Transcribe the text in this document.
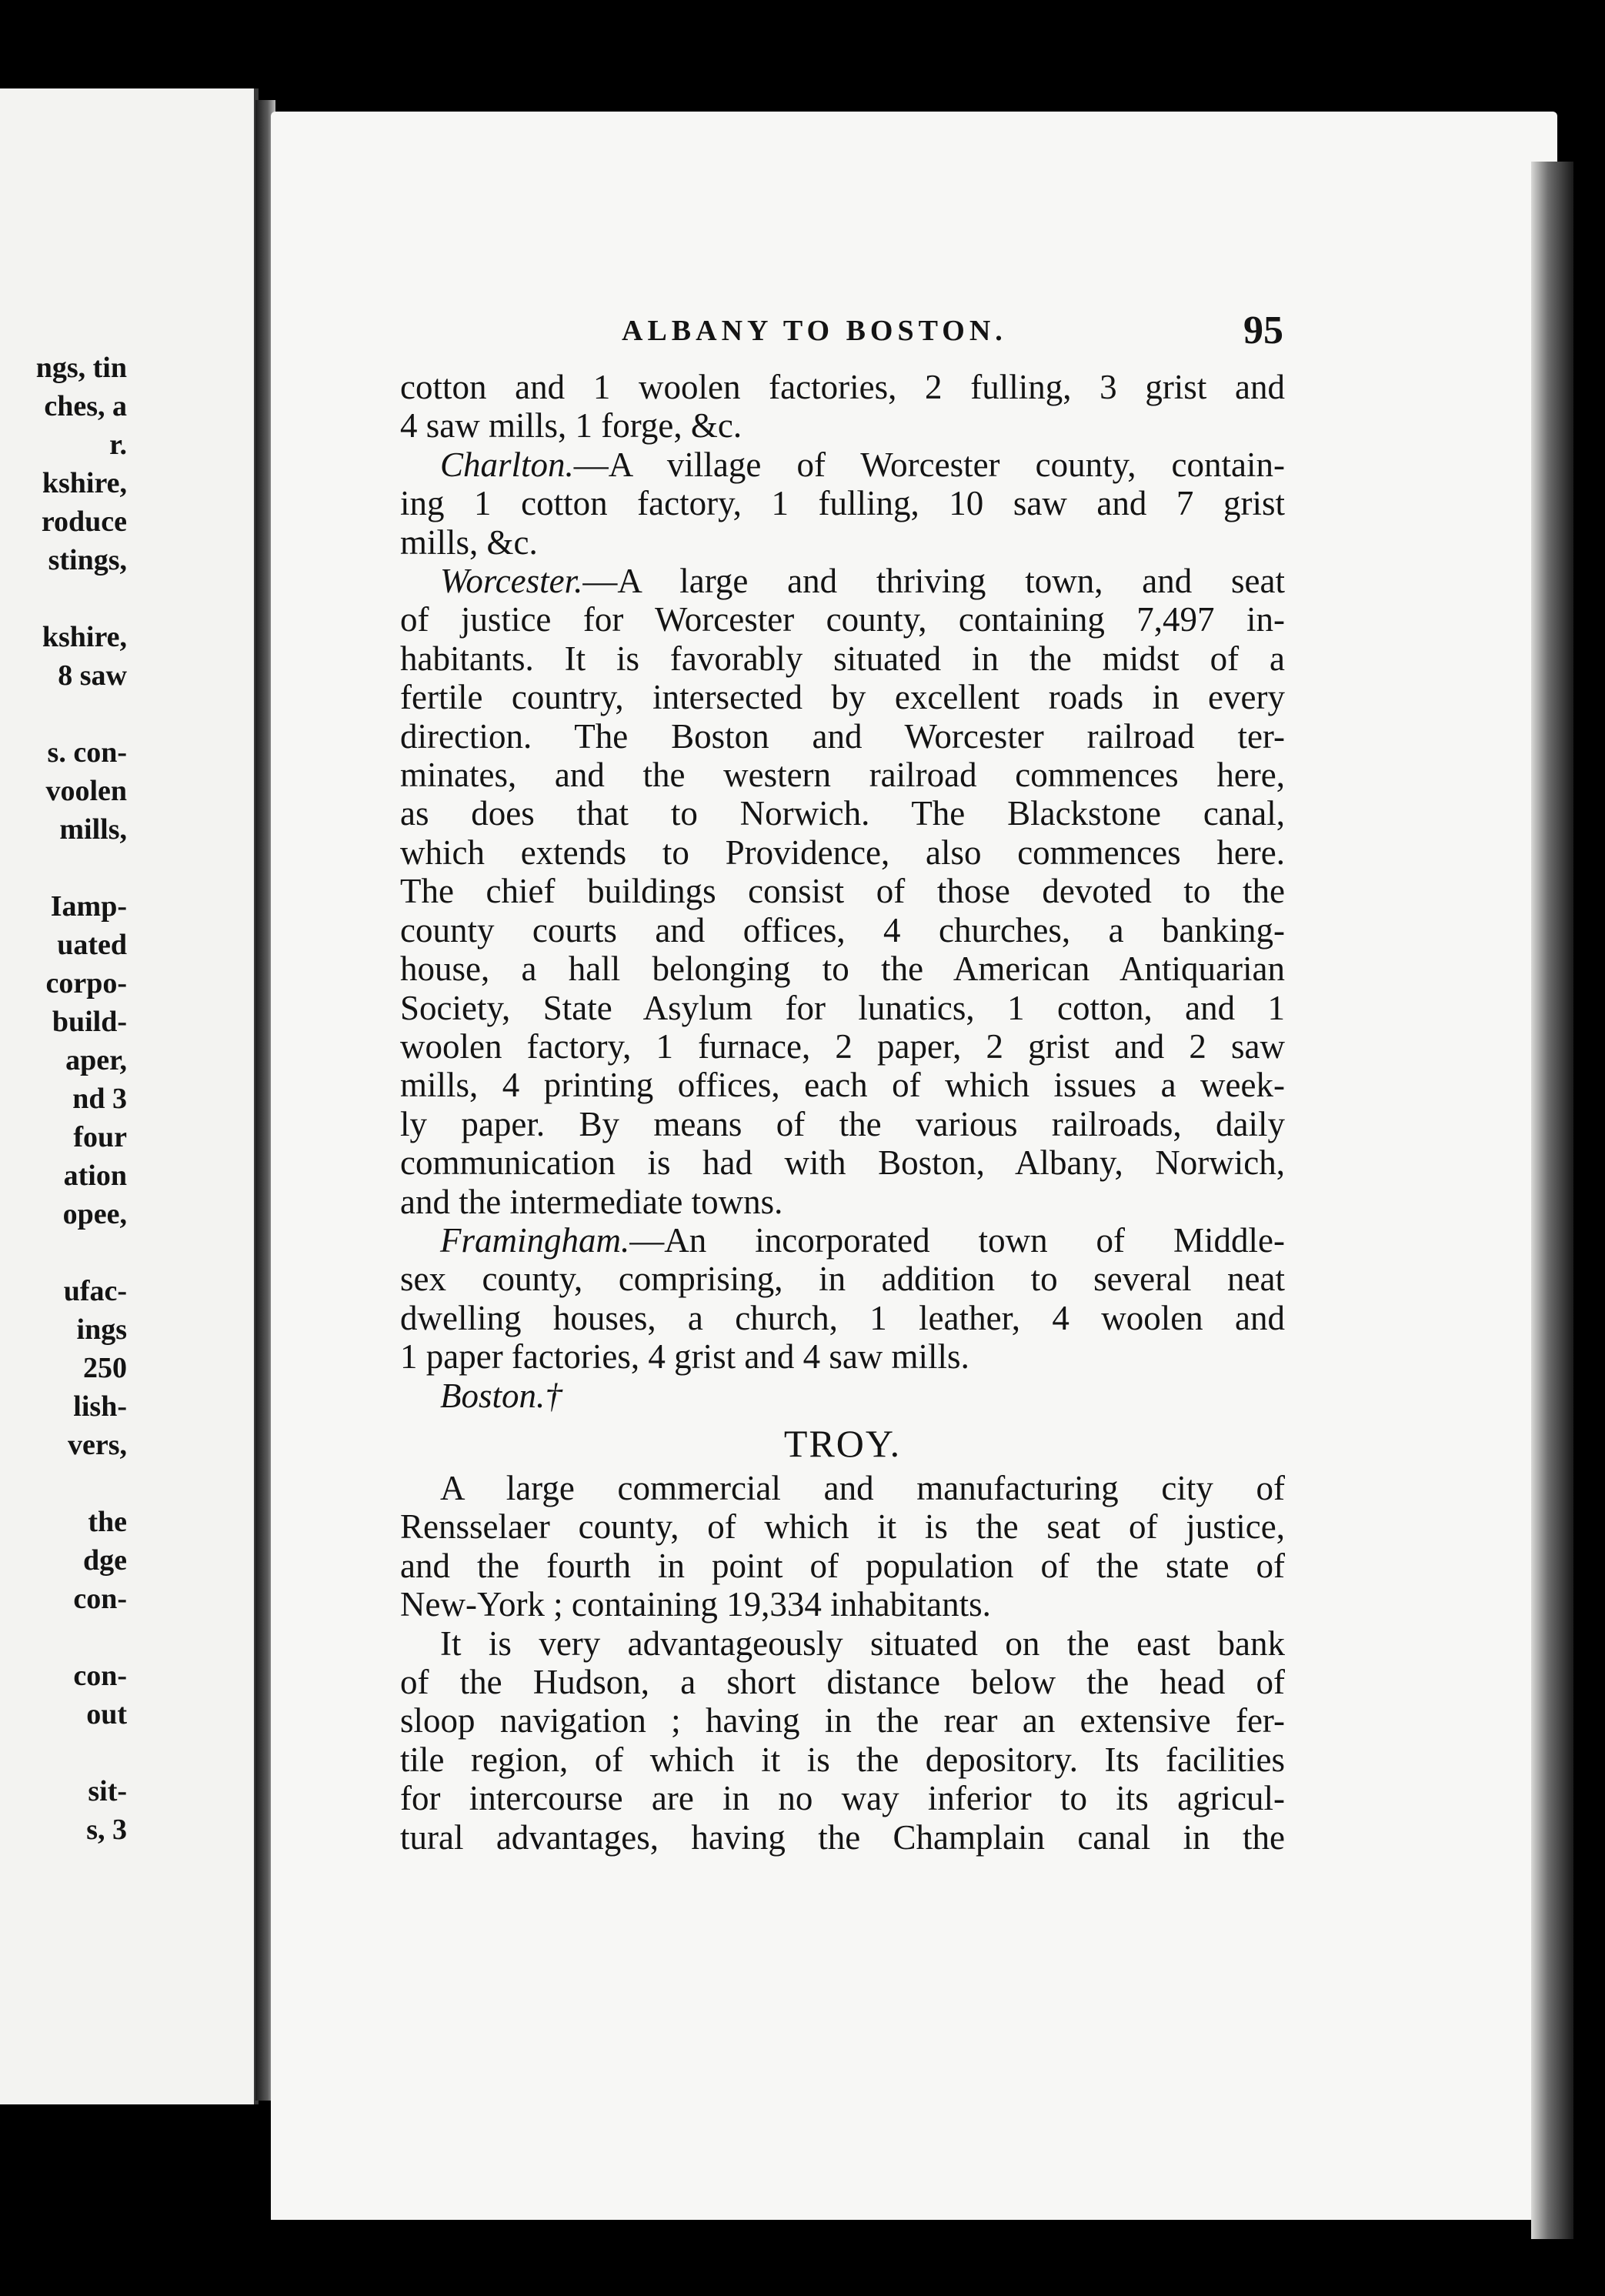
ngs, tin
ches, a
r.
kshire,
roduce
stings,
kshire,
8 saw
s. con-
voolen
mills,
Iamp-
uated
corpo-
build-
aper,
nd 3
four
ation
opee,
ufac-
ings
250
lish-
vers,
the
dge
con-
con-
out
sit-
s, 3
ALBANY TO BOSTON.	95
cotton and 1 woolen factories, 2 fulling, 3 grist and
4 saw mills, 1 forge, &c.
Charlton.—A village of Worcester county, contain-
ing 1 cotton factory, 1 fulling, 10 saw and 7 grist
mills, &c.
Worcester.—A large and thriving town, and seat
of justice for Worcester county, containing 7,497 in-
habitants. It is favorably situated in the midst of a
fertile country, intersected by excellent roads in every
direction. The Boston and Worcester railroad ter-
minates, and the western railroad commences here,
as does that to Norwich. The Blackstone canal,
which extends to Providence, also commences here.
The chief buildings consist of those devoted to the
county courts and offices, 4 churches, a banking-
house, a hall belonging to the American Antiquarian
Society, State Asylum for lunatics, 1 cotton, and 1
woolen factory, 1 furnace, 2 paper, 2 grist and 2 saw
mills, 4 printing offices, each of which issues a week-
ly paper. By means of the various railroads, daily
communication is had with Boston, Albany, Norwich,
and the intermediate towns.
Framingham.—An incorporated town of Middle-
sex county, comprising, in addition to several neat
dwelling houses, a church, 1 leather, 4 woolen and
1 paper factories, 4 grist and 4 saw mills.
Boston.†
TROY.
A large commercial and manufacturing city of
Rensselaer county, of which it is the seat of justice,
and the fourth in point of population of the state of
New-York ; containing 19,334 inhabitants.
It is very advantageously situated on the east bank
of the Hudson, a short distance below the head of
sloop navigation ; having in the rear an extensive fer-
tile region, of which it is the depository. Its facilities
for intercourse are in no way inferior to its agricul-
tural advantages, having the Champlain canal in the
